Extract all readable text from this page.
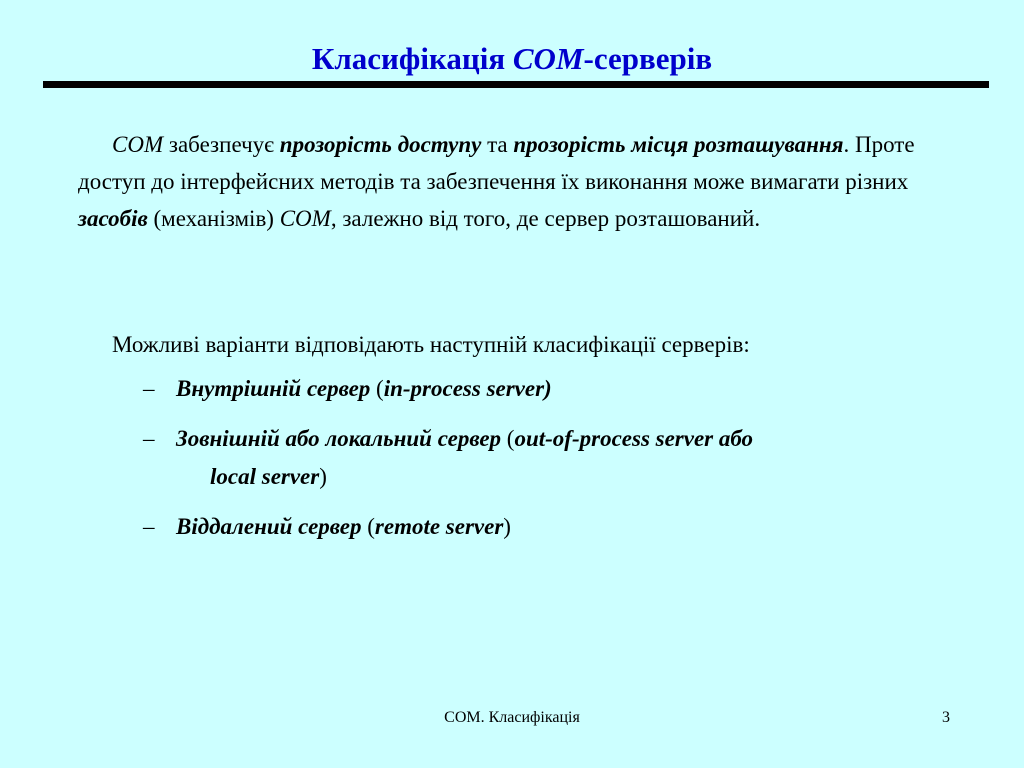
Класифікація COM-серверів

COM забезпечує прозорість доступу та прозорість місця розташування. Проте доступ до інтерфейсних методів та забезпечення їх виконання може вимагати різних засобів (механізмів) COM, залежно від того, де сервер розташований.

Можливі варіанти відповідають наступній класифікації серверів:

– Внутрішній сервер (in-process server)
– Зовнішній або локальний сервер (out-of-process server або
local server)
– Віддалений сервер (remote server)
COM. Класифікація	3
